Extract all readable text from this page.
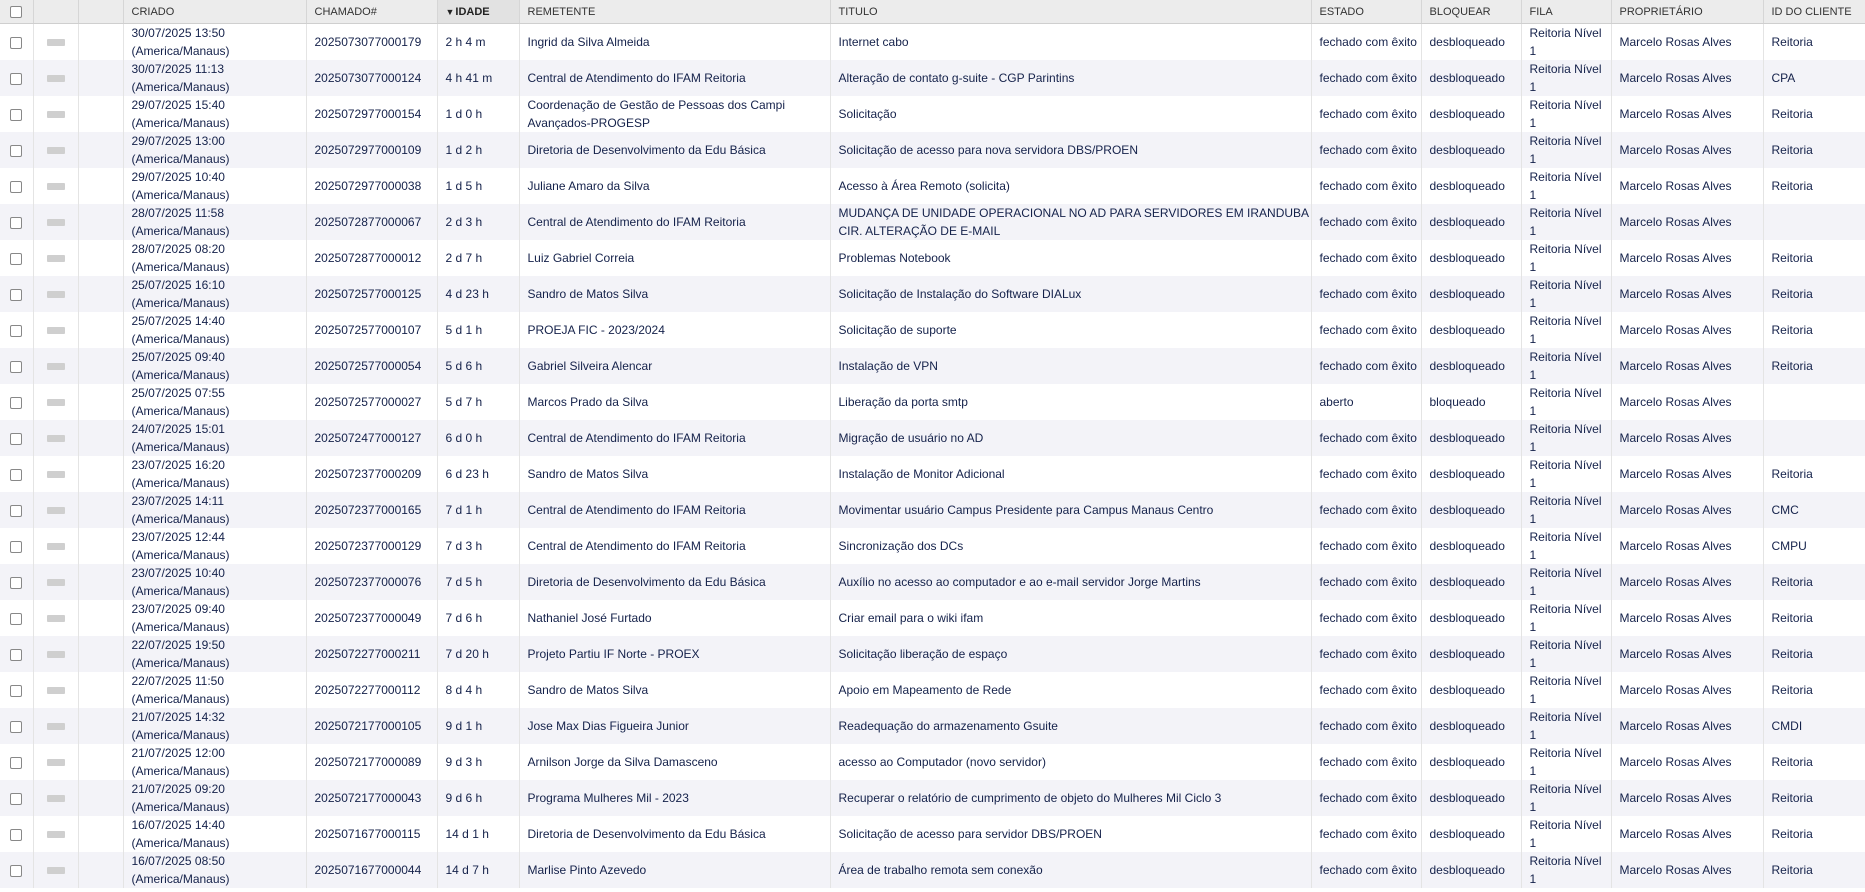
			CRIADO	CHAMADO#	▼IDADE	REMETENTE	TITULO	ESTADO	BLOQUEAR	FILA	PROPRIETÁRIO	ID DO CLIENTE
			30/07/2025 13:50 (America/Manaus)	2025073077000179	2 h 4 m	Ingrid da Silva Almeida	Internet cabo	fechado com êxito	desbloqueado	Reitoria Nível 1	Marcelo Rosas Alves	Reitoria
			30/07/2025 11:13 (America/Manaus)	2025073077000124	4 h 41 m	Central de Atendimento do IFAM Reitoria	Alteração de contato g-suite - CGP Parintins	fechado com êxito	desbloqueado	Reitoria Nível 1	Marcelo Rosas Alves	CPA
			29/07/2025 15:40 (America/Manaus)	2025072977000154	1 d 0 h	Coordenação de Gestão de Pessoas dos Campi Avançados-PROGESP	Solicitação	fechado com êxito	desbloqueado	Reitoria Nível 1	Marcelo Rosas Alves	Reitoria
			29/07/2025 13:00 (America/Manaus)	2025072977000109	1 d 2 h	Diretoria de Desenvolvimento da Edu Básica	Solicitação de acesso para nova servidora DBS/PROEN	fechado com êxito	desbloqueado	Reitoria Nível 1	Marcelo Rosas Alves	Reitoria
			29/07/2025 10:40 (America/Manaus)	2025072977000038	1 d 5 h	Juliane Amaro da Silva	Acesso à Área Remoto (solicita)	fechado com êxito	desbloqueado	Reitoria Nível 1	Marcelo Rosas Alves	Reitoria
			28/07/2025 11:58 (America/Manaus)	2025072877000067	2 d 3 h	Central de Atendimento do IFAM Reitoria	MUDANÇA DE UNIDADE OPERACIONAL NO AD PARA SERVIDORES EM IRANDUBA CIR. ALTERAÇÃO DE E-MAIL	fechado com êxito	desbloqueado	Reitoria Nível 1	Marcelo Rosas Alves	
			28/07/2025 08:20 (America/Manaus)	2025072877000012	2 d 7 h	Luiz Gabriel Correia	Problemas Notebook	fechado com êxito	desbloqueado	Reitoria Nível 1	Marcelo Rosas Alves	Reitoria
			25/07/2025 16:10 (America/Manaus)	2025072577000125	4 d 23 h	Sandro de Matos Silva	Solicitação de Instalação do Software DIALux	fechado com êxito	desbloqueado	Reitoria Nível 1	Marcelo Rosas Alves	Reitoria
			25/07/2025 14:40 (America/Manaus)	2025072577000107	5 d 1 h	PROEJA FIC - 2023/2024	Solicitação de suporte	fechado com êxito	desbloqueado	Reitoria Nível 1	Marcelo Rosas Alves	Reitoria
			25/07/2025 09:40 (America/Manaus)	2025072577000054	5 d 6 h	Gabriel Silveira Alencar	Instalação de VPN	fechado com êxito	desbloqueado	Reitoria Nível 1	Marcelo Rosas Alves	Reitoria
			25/07/2025 07:55 (America/Manaus)	2025072577000027	5 d 7 h	Marcos Prado da Silva	Liberação da porta smtp	aberto	bloqueado	Reitoria Nível 1	Marcelo Rosas Alves	
			24/07/2025 15:01 (America/Manaus)	2025072477000127	6 d 0 h	Central de Atendimento do IFAM Reitoria	Migração de usuário no AD	fechado com êxito	desbloqueado	Reitoria Nível 1	Marcelo Rosas Alves	
			23/07/2025 16:20 (America/Manaus)	2025072377000209	6 d 23 h	Sandro de Matos Silva	Instalação de Monitor Adicional	fechado com êxito	desbloqueado	Reitoria Nível 1	Marcelo Rosas Alves	Reitoria
			23/07/2025 14:11 (America/Manaus)	2025072377000165	7 d 1 h	Central de Atendimento do IFAM Reitoria	Movimentar usuário Campus Presidente para Campus Manaus Centro	fechado com êxito	desbloqueado	Reitoria Nível 1	Marcelo Rosas Alves	CMC
			23/07/2025 12:44 (America/Manaus)	2025072377000129	7 d 3 h	Central de Atendimento do IFAM Reitoria	Sincronização dos DCs	fechado com êxito	desbloqueado	Reitoria Nível 1	Marcelo Rosas Alves	CMPU
			23/07/2025 10:40 (America/Manaus)	2025072377000076	7 d 5 h	Diretoria de Desenvolvimento da Edu Básica	Auxílio no acesso ao computador e ao e-mail servidor Jorge Martins	fechado com êxito	desbloqueado	Reitoria Nível 1	Marcelo Rosas Alves	Reitoria
			23/07/2025 09:40 (America/Manaus)	2025072377000049	7 d 6 h	Nathaniel José Furtado	Criar email para o wiki ifam	fechado com êxito	desbloqueado	Reitoria Nível 1	Marcelo Rosas Alves	Reitoria
			22/07/2025 19:50 (America/Manaus)	2025072277000211	7 d 20 h	Projeto Partiu IF Norte - PROEX	Solicitação liberação de espaço	fechado com êxito	desbloqueado	Reitoria Nível 1	Marcelo Rosas Alves	Reitoria
			22/07/2025 11:50 (America/Manaus)	2025072277000112	8 d 4 h	Sandro de Matos Silva	Apoio em Mapeamento de Rede	fechado com êxito	desbloqueado	Reitoria Nível 1	Marcelo Rosas Alves	Reitoria
			21/07/2025 14:32 (America/Manaus)	2025072177000105	9 d 1 h	Jose Max Dias Figueira Junior	Readequação do armazenamento Gsuite	fechado com êxito	desbloqueado	Reitoria Nível 1	Marcelo Rosas Alves	CMDI
			21/07/2025 12:00 (America/Manaus)	2025072177000089	9 d 3 h	Arnilson Jorge da Silva Damasceno	acesso ao Computador (novo servidor)	fechado com êxito	desbloqueado	Reitoria Nível 1	Marcelo Rosas Alves	Reitoria
			21/07/2025 09:20 (America/Manaus)	2025072177000043	9 d 6 h	Programa Mulheres Mil - 2023	Recuperar o relatório de cumprimento de objeto do Mulheres Mil Ciclo 3	fechado com êxito	desbloqueado	Reitoria Nível 1	Marcelo Rosas Alves	Reitoria
			16/07/2025 14:40 (America/Manaus)	2025071677000115	14 d 1 h	Diretoria de Desenvolvimento da Edu Básica	Solicitação de acesso para servidor DBS/PROEN	fechado com êxito	desbloqueado	Reitoria Nível 1	Marcelo Rosas Alves	Reitoria
			16/07/2025 08:50 (America/Manaus)	2025071677000044	14 d 7 h	Marlise Pinto Azevedo	Área de trabalho remota sem conexão	fechado com êxito	desbloqueado	Reitoria Nível 1	Marcelo Rosas Alves	Reitoria
